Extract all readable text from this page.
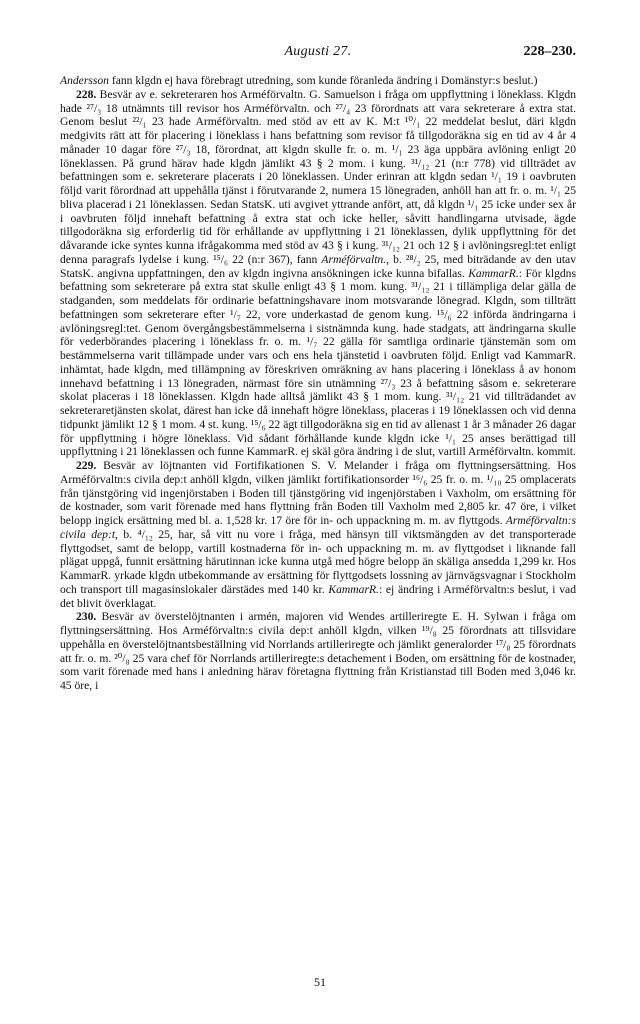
Augusti 27.	228–230.

Andersson fann klgdn ej hava förebragt utredning, som kunde föranleda ändring i Domänstyr:s beslut.)

228. Besvär av e. sekreteraren hos Arméförvaltn. G. Samuelson i fråga om uppflyttning i löneklass. Klgdn hade ²⁷/₃ 18 utnämnts till revisor hos Arméförvaltn. och ²⁷/₄ 23 förordnats att vara sekreterare å extra stat. Genom beslut ²²/₁ 23 hade Arméförvaltn. med stöd av ett av K. M:t ¹⁰/₁ 22 meddelat beslut, däri klgdn medgivits rätt att för placering i löneklass i hans befattning som revisor få tillgodoräkna sig en tid av 4 år 4 månader 10 dagar före ²⁷/₃ 18, förordnat, att klgdn skulle fr. o. m. ¹/₁ 23 äga uppbära avlöning enligt 20 löneklassen. På grund härav hade klgdn jämlikt 43 § 2 mom. i kung. ³¹/₁₂ 21 (n:r 778) vid tillträdet av befattningen som e. sekreterare placerats i 20 löneklassen. Under erinran att klgdn sedan ¹/₁ 19 i oavbruten följd varit förordnad att uppehålla tjänst i förutvarande 2, numera 15 lönegraden, anhöll han att fr. o. m. ¹/₁ 25 bliva placerad i 21 löneklassen. Sedan StatsK. uti avgivet yttrande anfört, att, då klgdn ¹/₁ 25 icke under sex år i oavbruten följd innehaft befattning å extra stat och icke heller, såvitt handlingarna utvisade, ägde tillgodoräkna sig erforderlig tid för erhållande av uppflyttning i 21 löneklassen, dylik uppflyttning för det dåvarande icke syntes kunna ifrågakomma med stöd av 43 § i kung. ³¹/₁₂ 21 och 12 § i avlöningsregl:tet enligt denna paragrafs lydelse i kung. ¹⁵/₆ 22 (n:r 367), fann Arméförvaltn., b. ²⁸/₂ 25, med biträdande av den utav StatsK. angivna uppfattningen, den av klgdn ingivna ansökningen icke kunna bifallas. KammarR.: För klgdns befattning som sekreterare på extra stat skulle enligt 43 § 1 mom. kung. ³¹/₁₂ 21 i tillämpliga delar gälla de stadganden, som meddelats för ordinarie befattningshavare inom motsvarande lönegrad. Klgdn, som tillträtt befattningen som sekreterare efter ¹/₇ 22, vore underkastad de genom kung. ¹⁵/₆ 22 införda ändringarna i avlöningsregl:tet. Genom övergångsbestämmelserna i sistnämnda kung. hade stadgats, att ändringarna skulle för vederbörandes placering i löneklass fr. o. m. ¹/₇ 22 gälla för samtliga ordinarie tjänstemän som om bestämmelserna varit tillämpade under vars och ens hela tjänstetid i oavbruten följd. Enligt vad KammarR. inhämtat, hade klgdn, med tillämpning av föreskriven omräkning av hans placering i löneklass å av honom innehavd befattning i 13 lönegraden, närmast före sin utnämning ²⁷/₃ 23 å befattning såsom e. sekreterare skolat placeras i 18 löneklassen. Klgdn hade alltså jämlikt 43 § 1 mom. kung. ³¹/₁₂ 21 vid tillträdandet av sekreteraretjänsten skolat, därest han icke då innehaft högre löneklass, placeras i 19 löneklassen och vid denna tidpunkt jämlikt 12 § 1 mom. 4 st. kung. ¹⁵/₆ 22 ägt tillgodoräkna sig en tid av allenast 1 år 3 månader 26 dagar för uppflyttning i högre löneklass. Vid sådant förhållande kunde klgdn icke ¹/₁ 25 anses berättigad till uppflyttning i 21 löneklassen och funne KammarR. ej skäl göra ändring i de slut, vartill Arméförvaltn. kommit.

229. Besvär av löjtnanten vid Fortifikationen S. V. Melander i fråga om flyttningsersättning. Hos Arméförvaltn:s civila dep:t anhöll klgdn, vilken jämlikt fortifikationsorder ¹⁶/₆ 25 fr. o. m. ¹/₁₀ 25 omplacerats från tjänstgöring vid ingenjörstaben i Boden till tjänstgöring vid ingenjörstaben i Vaxholm, om ersättning för de kostnader, som varit förenade med hans flyttning från Boden till Vaxholm med 2,805 kr. 47 öre, i vilket belopp ingick ersättning med bl. a. 1,528 kr. 17 öre för in- och uppackning m. m. av flyttgods. Arméförvaltn:s civila dep:t, b. ⁴/₁₂ 25, har, så vitt nu vore i fråga, med hänsyn till viktsmängden av det transporterade flyttgodset, samt de belopp, vartill kostnaderna för in- och uppackning m. m. av flyttgodset i liknande fall plägat uppgå, funnit ersättning härutinnan icke kunna utgå med högre belopp än skäliga ansedda 1,299 kr. Hos KammarR. yrkade klgdn utbekommande av ersättning för flyttgodsets lossning av järnvägsvagnar i Stockholm och transport till magasinslokaler därstädes med 140 kr. KammarR.: ej ändring i Arméförvaltn:s beslut, i vad det blivit överklagat.

230. Besvär av överstelöjtnanten i armén, majoren vid Wendes artilleriregte E. H. Sylwan i fråga om flyttningsersättning. Hos Arméförvaltn:s civila dep:t anhöll klgdn, vilken ¹⁹/₈ 25 förordnats att tillsvidare uppehålla en överstelöjtnantsbeställning vid Norrlands artilleriregte och jämlikt generalorder ¹⁷/₈ 25 förordnats att fr. o. m. ²⁰/₈ 25 vara chef för Norrlands artilleriregte:s detachement i Boden, om ersättning för de kostnader, som varit förenade med hans i anledning härav företagna flyttning från Kristianstad till Boden med 3,046 kr. 45 öre, i

51
